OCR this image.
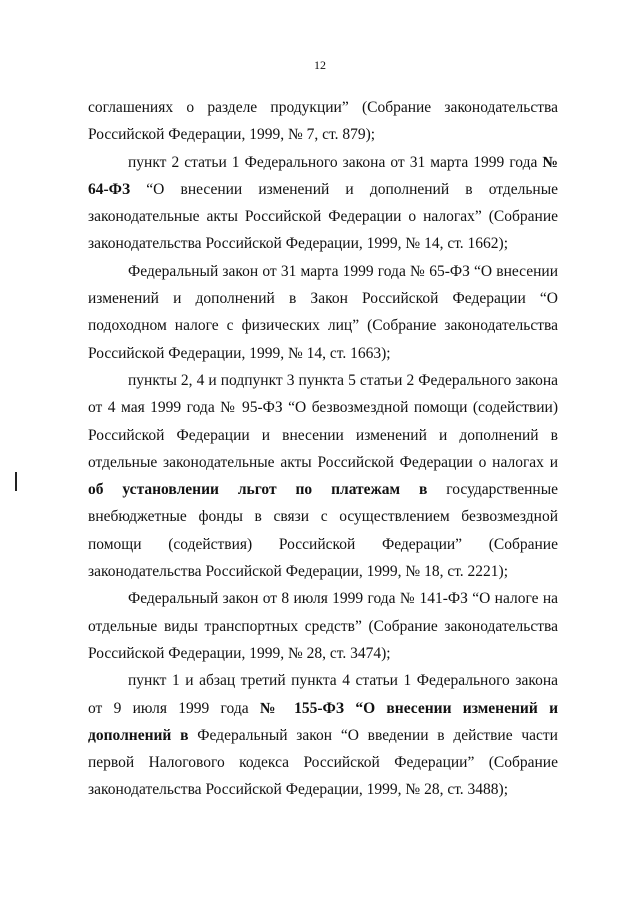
12

соглашениях о разделе продукции” (Собрание законодательства Российской Федерации, 1999, № 7, ст. 879);

пункт 2 статьи 1 Федерального закона от 31 марта 1999 года № 64-ФЗ “О внесении изменений и дополнений в отдельные законодательные акты Российской Федерации о налогах” (Собрание законодательства Российской Федерации, 1999, № 14, ст. 1662);

Федеральный закон от 31 марта 1999 года № 65-ФЗ “О внесении изменений и дополнений в Закон Российской Федерации “О подоходном налоге с физических лиц” (Собрание законодательства Российской Федерации, 1999, № 14, ст. 1663);

пункты 2, 4 и подпункт 3 пункта 5 статьи 2 Федерального закона от 4 мая 1999 года № 95-ФЗ “О безвозмездной помощи (содействии) Российской Федерации и внесении изменений и дополнений в отдельные законодательные акты Российской Федерации о налогах и об установлении льгот по платежам в государственные внебюджетные фонды в связи с осуществлением безвозмездной помощи (содействия) Российской Федерации” (Собрание законодательства Российской Федерации, 1999, № 18, ст. 2221);

Федеральный закон от 8 июля 1999 года № 141-ФЗ “О налоге на отдельные виды транспортных средств” (Собрание законодательства Российской Федерации, 1999, № 28, ст. 3474);

пункт 1 и абзац третий пункта 4 статьи 1 Федерального закона от 9 июля 1999 года № 155-ФЗ “О внесении изменений и дополнений в Федеральный закон “О введении в действие части первой Налогового кодекса Российской Федерации” (Собрание законодательства Российской Федерации, 1999, № 28, ст. 3488);
